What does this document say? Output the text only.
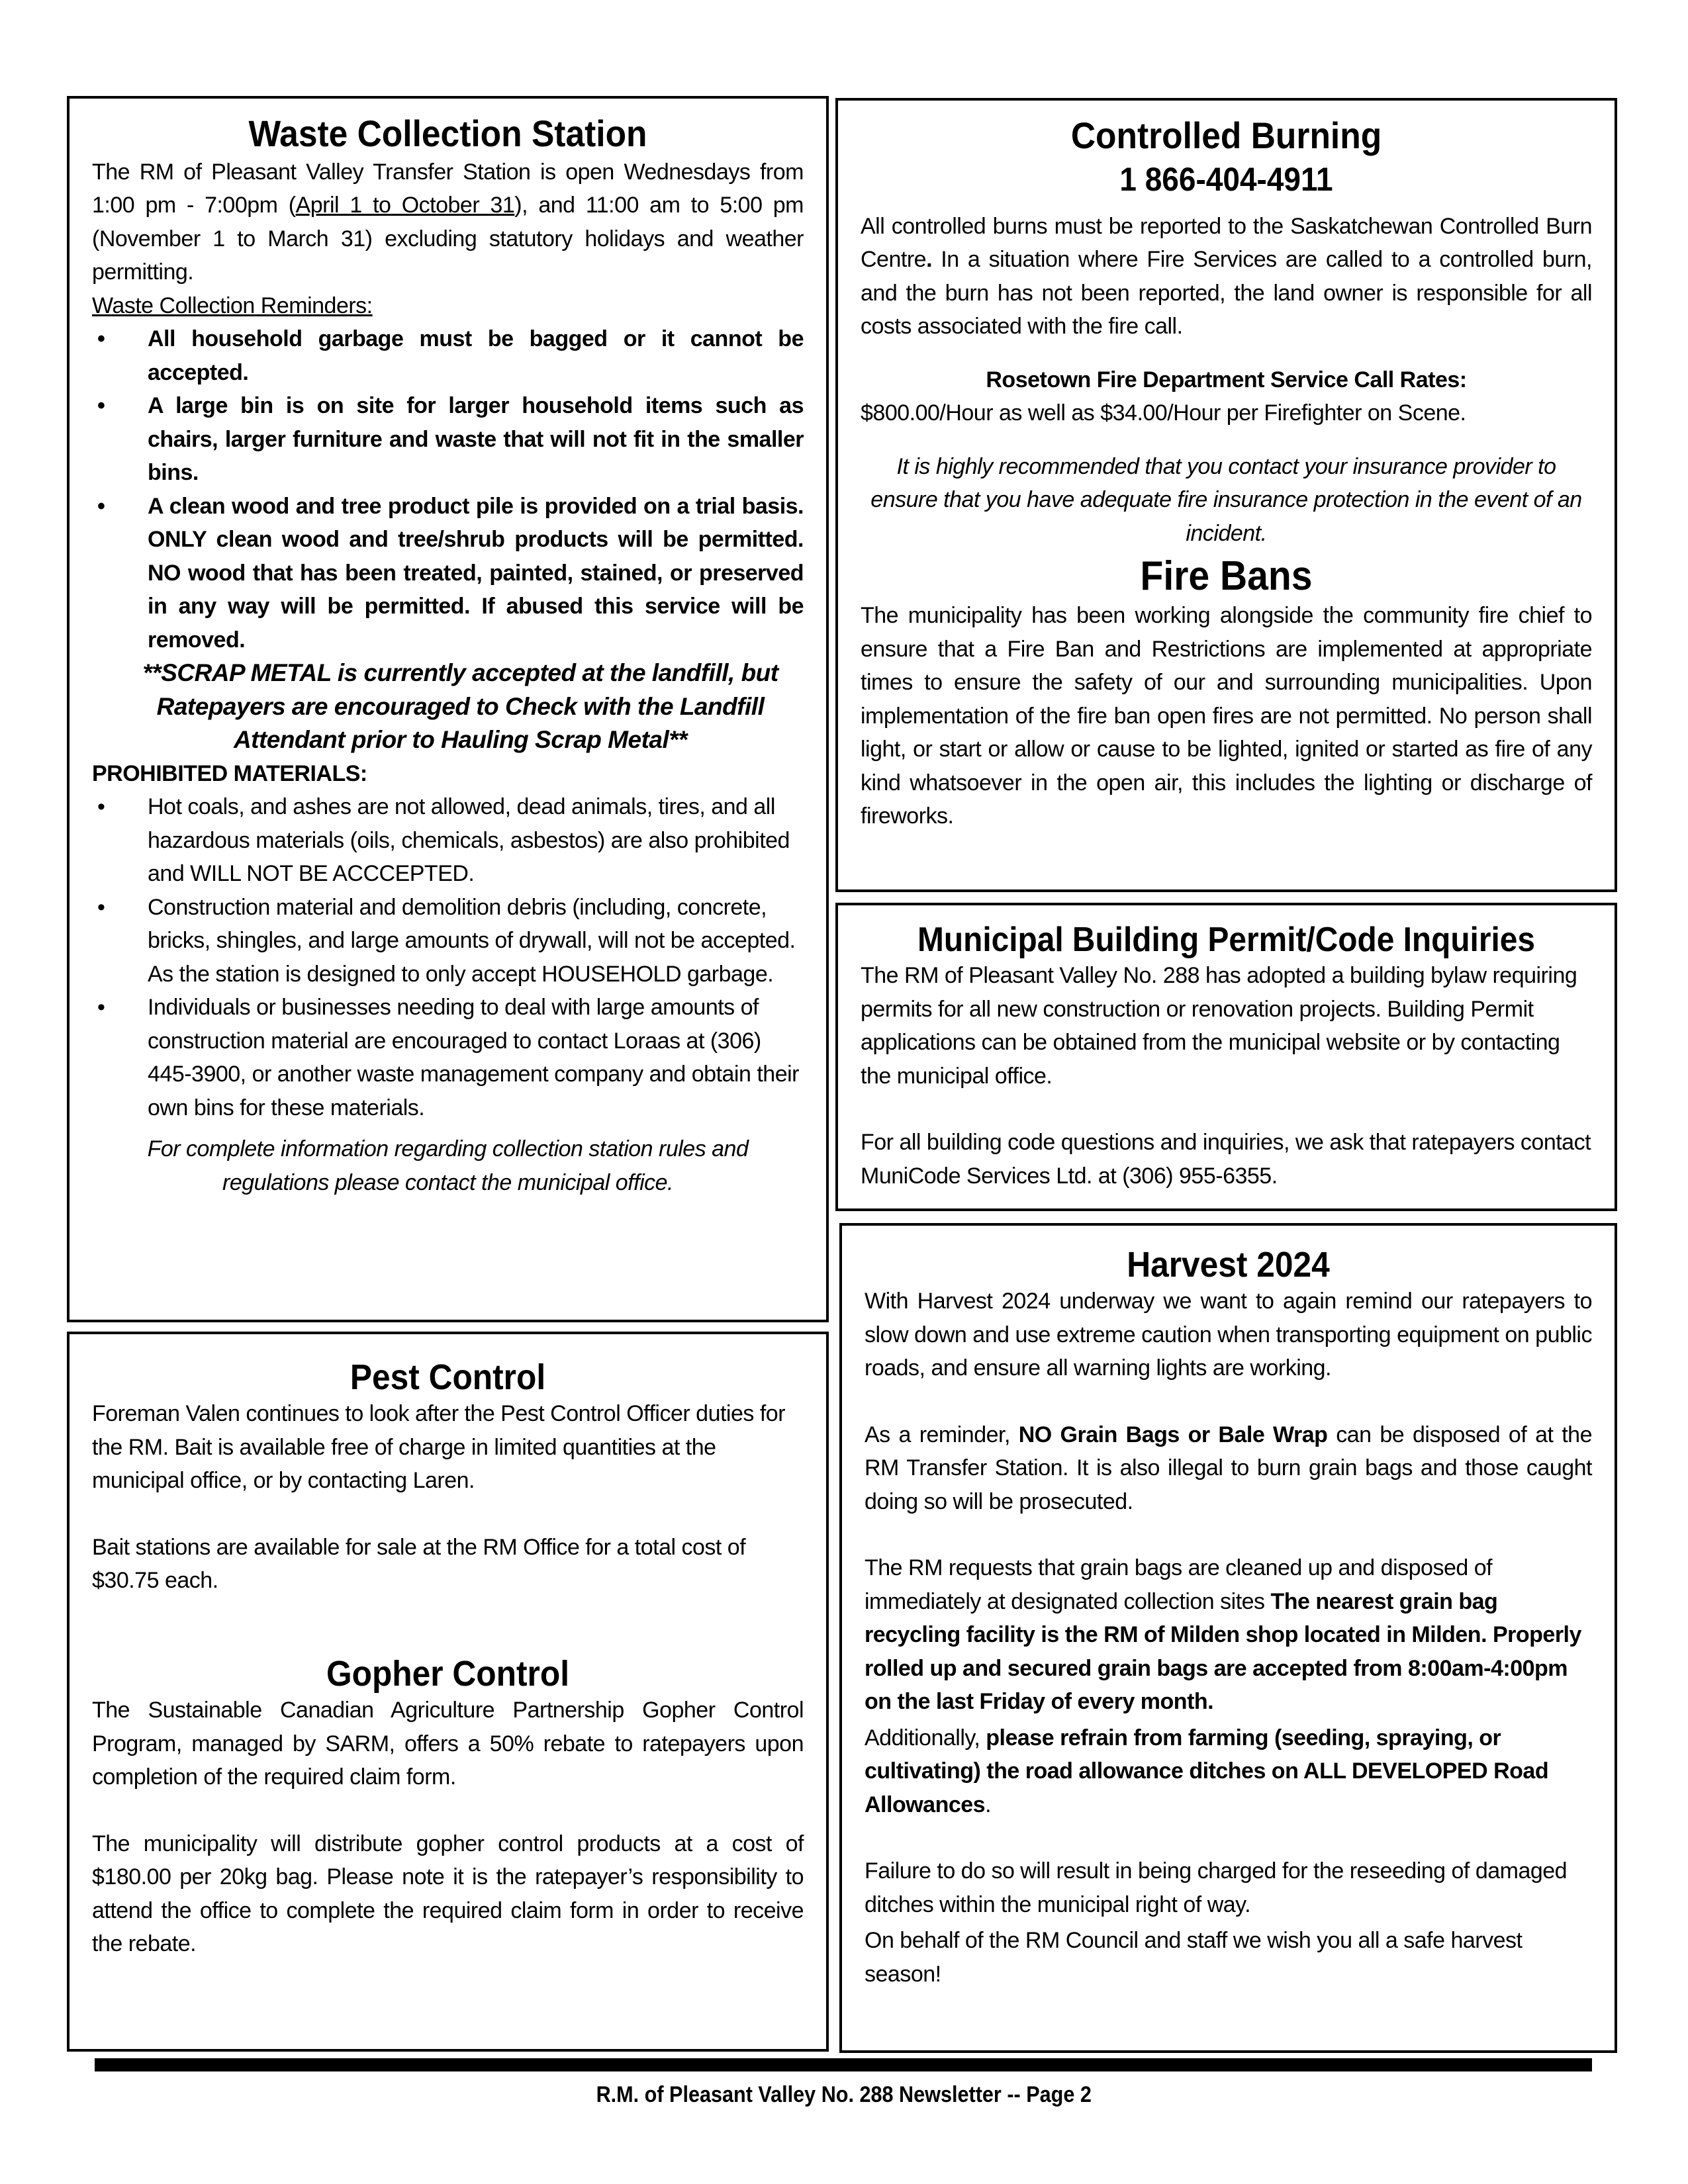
Waste Collection Station

The RM of Pleasant Valley Transfer Station is open Wednesdays from 1:00 pm - 7:00pm (April 1 to October 31), and 11:00 am to 5:00 pm (November 1 to March 31) excluding statutory holidays and weather permitting.

Waste Collection Reminders:

• All household garbage must be bagged or it cannot be accepted.
• A large bin is on site for larger household items such as chairs, larger furniture and waste that will not fit in the smaller bins.
• A clean wood and tree product pile is provided on a trial basis. ONLY clean wood and tree/shrub products will be permitted. NO wood that has been treated, painted, stained, or preserved in any way will be permitted. If abused this service will be removed.

**SCRAP METAL is currently accepted at the landfill, but Ratepayers are encouraged to Check with the Landfill Attendant prior to Hauling Scrap Metal**

PROHIBITED MATERIALS:

• Hot coals, and ashes are not allowed, dead animals, tires, and all hazardous materials (oils, chemicals, asbestos) are also prohibited and WILL NOT BE ACCCEPTED.
• Construction material and demolition debris (including, concrete, bricks, shingles, and large amounts of drywall, will not be accepted. As the station is designed to only accept HOUSEHOLD garbage.
• Individuals or businesses needing to deal with large amounts of construction material are encouraged to contact Loraas at (306) 445-3900, or another waste management company and obtain their own bins for these materials.

For complete information regarding collection station rules and regulations please contact the municipal office.

Pest Control

Foreman Valen continues to look after the Pest Control Officer duties for the RM. Bait is available free of charge in limited quantities at the municipal office, or by contacting Laren.

Bait stations are available for sale at the RM Office for a total cost of $30.75 each.

Gopher Control

The Sustainable Canadian Agriculture Partnership Gopher Control Program, managed by SARM, offers a 50% rebate to ratepayers upon completion of the required claim form.

The municipality will distribute gopher control products at a cost of $180.00 per 20kg bag. Please note it is the ratepayer’s responsibility to attend the office to complete the required claim form in order to receive the rebate.

Controlled Burning
1 866-404-4911

All controlled burns must be reported to the Saskatchewan Controlled Burn Centre. In a situation where Fire Services are called to a controlled burn, and the burn has not been reported, the land owner is responsible for all costs associated with the fire call.

Rosetown Fire Department Service Call Rates:

$800.00/Hour as well as $34.00/Hour per Firefighter on Scene.

It is highly recommended that you contact your insurance provider to ensure that you have adequate fire insurance protection in the event of an incident.

Fire Bans

The municipality has been working alongside the community fire chief to ensure that a Fire Ban and Restrictions are implemented at appropriate times to ensure the safety of our and surrounding municipalities. Upon implementation of the fire ban open fires are not permitted. No person shall light, or start or allow or cause to be lighted, ignited or started as fire of any kind whatsoever in the open air, this includes the lighting or discharge of fireworks.

Municipal Building Permit/Code Inquiries

The RM of Pleasant Valley No. 288 has adopted a building bylaw requiring permits for all new construction or renovation projects. Building Permit applications can be obtained from the municipal website or by contacting the municipal office.

For all building code questions and inquiries, we ask that ratepayers contact MuniCode Services Ltd. at (306) 955-6355.

Harvest 2024

With Harvest 2024 underway we want to again remind our ratepayers to slow down and use extreme caution when transporting equipment on public roads, and ensure all warning lights are working.

As a reminder, NO Grain Bags or Bale Wrap can be disposed of at the RM Transfer Station. It is also illegal to burn grain bags and those caught doing so will be prosecuted.

The RM requests that grain bags are cleaned up and disposed of immediately at designated collection sites The nearest grain bag recycling facility is the RM of Milden shop located in Milden. Properly rolled up and secured grain bags are accepted from 8:00am-4:00pm on the last Friday of every month.

Additionally, please refrain from farming (seeding, spraying, or cultivating) the road allowance ditches on ALL DEVELOPED Road Allowances.

Failure to do so will result in being charged for the reseeding of damaged ditches within the municipal right of way.

On behalf of the RM Council and staff we wish you all a safe harvest season!

R.M. of Pleasant Valley No. 288 Newsletter -- Page 2
